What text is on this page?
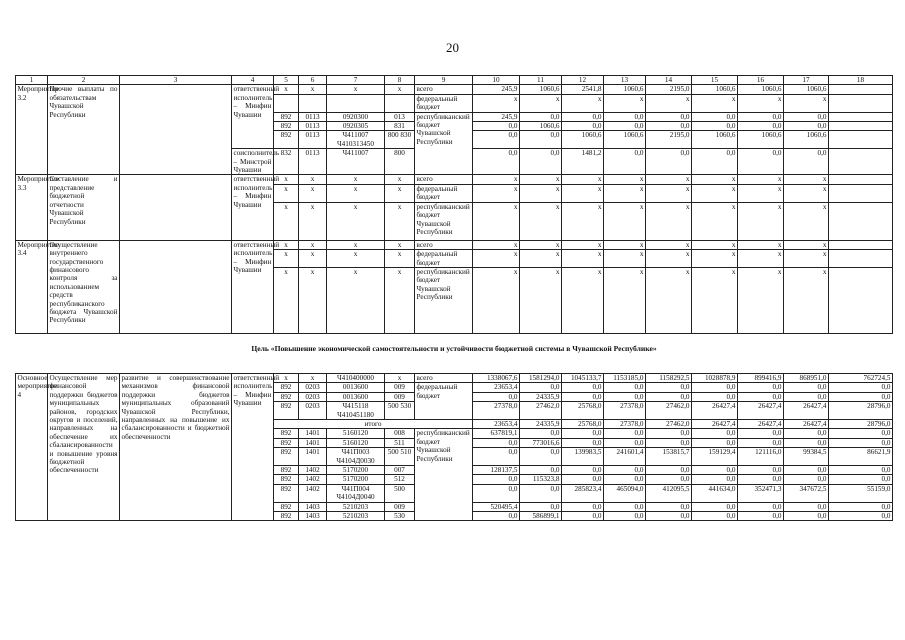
20
1	2	3	4	5	6	7	8	9	10	11	12	13	14	15	16	17	18
Мероприятие 3.2	Прочие выплаты по обязательствам Чувашской Республики		ответственный исполнитель – Минфин Чувашии	x	x	x	x	всего	245,9	1060,6	2541,8	1060,6	2195,0	1060,6	1060,6	1060,6	
								федеральный бюджет	x	x	x	x	x	x	x	x	
				892	0113	0920300	013	республиканский бюджет Чувашской Республики	245,9	0,0	0,0	0,0	0,0	0,0	0,0	0,0	
				892	0113	0920305	831		0,0	1060,6	0,0	0,0	0,0	0,0	0,0	0,0	
				892	0113	Ч411007 Ч410313450	800 830		0,0	0,0	1060,6	1060,6	2195,0	1060,6	1060,6	1060,6	
			соисполнитель – Минстрой Чувашии	832	0113	Ч411007	800		0,0	0,0	1481,2	0,0	0,0	0,0	0,0	0,0	
Мероприятие 3.3	Составление и представление бюджетной отчетности Чувашской Республики		ответственный исполнитель – Минфин Чувашии	x	x	x	x	всего	x	x	x	x	x	x	x	x	
				x	x	x	x	федеральный бюджет	x	x	x	x	x	x	x	x	
				x	x	x	x	республиканский бюджет Чувашской Республики	x	x	x	x	x	x	x	x	
Мероприятие 3.4	Осуществление внутреннего государственного финансового контроля за использованием средств республиканского бюджета Чувашской Республики		ответственный исполнитель – Минфин Чувашии	x	x	x	x	всего	x	x	x	x	x	x	x	x	
				x	x	x	x	федеральный бюджет	x	x	x	x	x	x	x	x	
				x	x	x	x	республиканский бюджет Чувашской Республики	x	x	x	x	x	x	x	x	
Цель «Повышение экономической самостоятельности и устойчивости бюджетной системы в Чувашской Республике»																	

Основное мероприятие 4	Осуществление мер финансовой поддержки бюджетов муниципальных районов, городских округов и поселений, направленных на обеспечение их сбалансированности и повышение уровня бюджетной обеспеченности	развитие и совершенствование механизмов финансовой поддержки бюджетов муниципальных образований Чувашской Республики, направленных на повышение их сбалансированности и бюджетной обеспеченности	ответственный исполнитель – Минфин Чувашии	x	x	Ч410400000	x	всего	1338067,6	1581294,0	1045133,7	1153185,0	1158292,5	1028878,9	899416,9	868951,0	762724,5
				892	0203	0013600	009	федеральный бюджет	23653,4	0,0	0,0	0,0	0,0	0,0	0,0	0,0	0,0
				892	0203	0013600	009		0,0	24335,9	0,0	0,0	0,0	0,0	0,0	0,0	0,0
				892	0203	Ч415118 Ч410451180	500 530		27378,0	27462,0	25768,0	27378,0	27462,0	26427,4	26427,4	26427,4	28796,0
				итого					23653,4	24335,9	25768,0	27378,0	27462,0	26427,4	26427,4	26427,4	28796,0
				892	1401	5160120	008	республиканский бюджет Чувашской Республики	637819,1	0,0	0,0	0,0	0,0	0,0	0,0	0,0	0,0
				892	1401	5160120	511		0,0	773016,6	0,0	0,0	0,0	0,0	0,0	0,0	0,0
				892	1401	Ч41П003 Ч4104Д0030	500 510		0,0	0,0	139983,5	241601,4	153815,7	159129,4	121116,0	99384,5	86621,9
				892	1402	5170200	007		128137,5	0,0	0,0	0,0	0,0	0,0	0,0	0,0	0,0
				892	1402	5170200	512		0,0	115323,8	0,0	0,0	0,0	0,0	0,0	0,0	0,0
				892	1402	Ч41П004 Ч4104Д0040	500		0,0	0,0	285823,4	465094,0	412095,5	441634,0	352471,3	347672,5	55159,0
				892	1403	5210203	009		520495,4	0,0	0,0	0,0	0,0	0,0	0,0	0,0	0,0
				892	1403	5210203	530		0,0	586899,1	0,0	0,0	0,0	0,0	0,0	0,0	0,0
